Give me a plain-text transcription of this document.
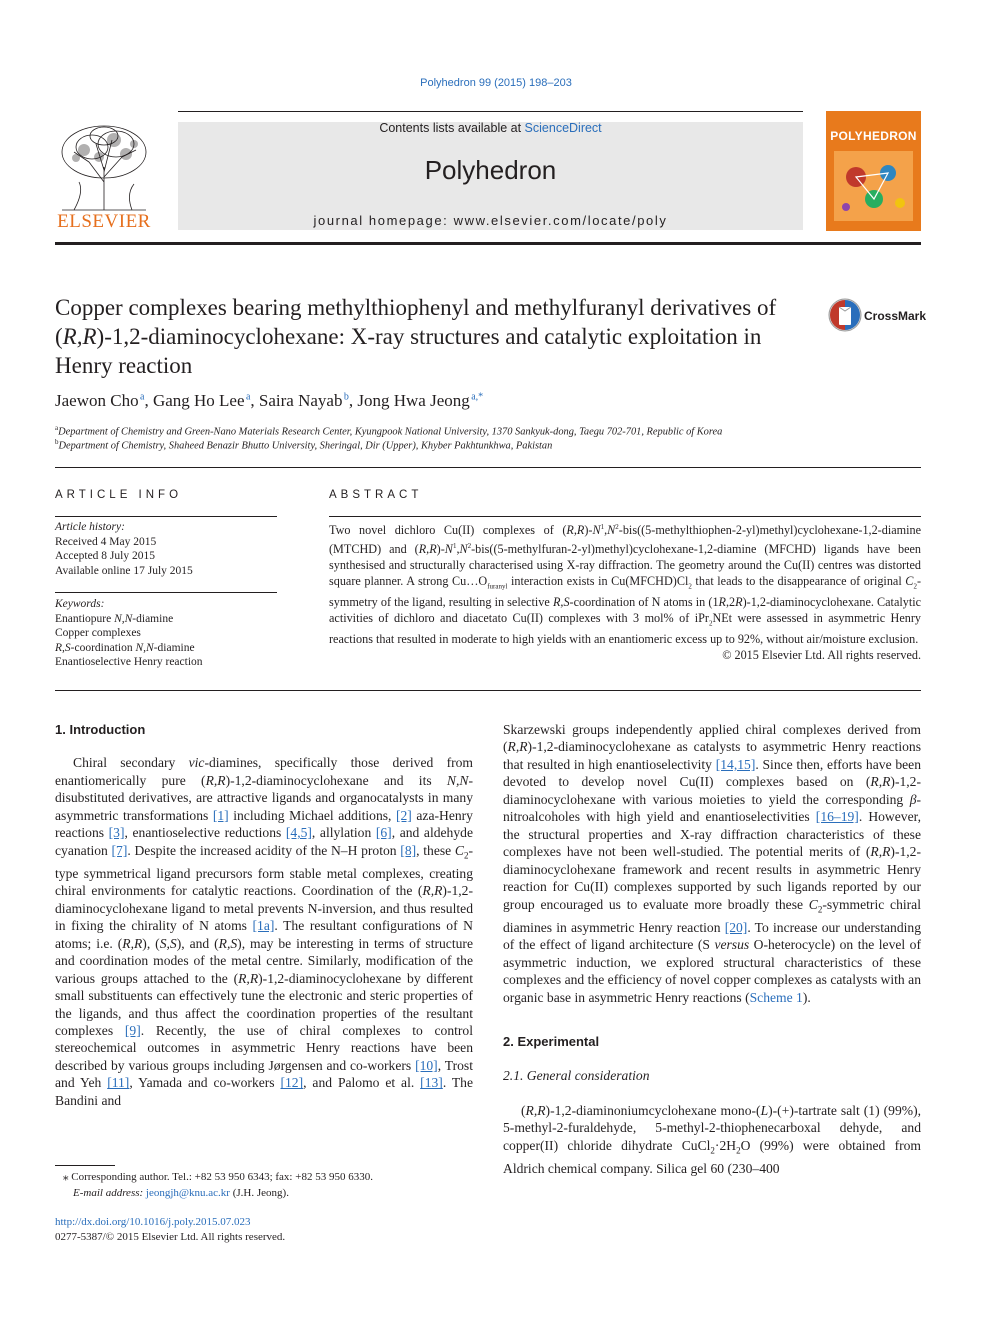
Polyhedron 99 (2015) 198–203
ELSEVIER
Contents lists available at ScienceDirect
Polyhedron
journal homepage: www.elsevier.com/locate/poly
POLYHEDRON
Copper complexes bearing methylthiophenyl and methylfuranyl derivatives of (R,R)-1,2-diaminocyclohexane: X-ray structures and catalytic exploitation in Henry reaction
CrossMark
Jaewon Cho $^a$, Gang Ho Lee $^a$, Saira Nayab $^b$, Jong Hwa Jeong $^{a,*}$
$^a$Department of Chemistry and Green-Nano Materials Research Center, Kyungpook National University, 1370 Sankyuk-dong, Taegu 702-701, Republic of Korea
$^b$Department of Chemistry, Shaheed Benazir Bhutto University, Sheringal, Dir (Upper), Khyber Pakhtunkhwa, Pakistan
ARTICLE INFO
Article history:
Received 4 May 2015
Accepted 8 July 2015
Available online 17 July 2015
Keywords:
Enantiopure N,N-diamine
Copper complexes
R,S-coordination N,N-diamine
Enantioselective Henry reaction
ABSTRACT
Two novel dichloro Cu(II) complexes of $(R,R)-N^1,N^2-bis((5-methylthiophen-2-yl)methyl)cyclohexane-1,2$-diamine (MTCHD) and $(R,R)-N^1,N^2-bis((5-methylfuran-2-yl)methyl)cyclohexane-1,2$-diamine (MFCHD) ligands have been synthesised and structurally characterised using X-ray diffraction. The geometry around the Cu(II) centres was distorted square planner. A strong $Cu\dots O_{furanyl}$ interaction exists in $Cu(MFCHD)Cl_2$ that leads to the disappearance of original $C_2$-symmetry of the ligand, resulting in selective R,S-coordination of N atoms in (1R,2R)-1,2-diaminocyclohexane. Catalytic activities of dichloro and diacetato Cu(II) complexes with 3 mol% of iPr$_2$NEt were assessed in asymmetric Henry reactions that resulted in moderate to high yields with an enantiomeric excess up to 92%, without air/moisture exclusion.
© 2015 Elsevier Ltd. All rights reserved.

1. Introduction

Chiral secondary vic-diamines, specifically those derived from enantiomerically pure (R,R)-1,2-diaminocyclohexane and its N,N-disubstituted derivatives, are attractive ligands and organocatalysts in many asymmetric transformations [1] including Michael additions, [2] aza-Henry reactions [3], enantioselective reductions [4,5], allylation [6], and aldehyde cyanation [7]. Despite the increased acidity of the N–H proton [8], these $C_2$-type symmetrical ligand precursors form stable metal complexes, creating chiral environments for catalytic reactions. Coordination of the (R,R)-1,2-diaminocyclohexane ligand to metal prevents N-inversion, and thus resulted in fixing the chirality of N atoms [1a]. The resultant configurations of N atoms; i.e. (R,R), (S,S), and (R,S), may be interesting in terms of structure and coordination modes of the metal centre. Similarly, modification of the various groups attached to the (R,R)-1,2-diaminocyclohexane by different small substituents can effectively tune the electronic and steric properties of the ligands, and thus affect the coordination properties of the resultant complexes [9]. Recently, the use of chiral complexes to control stereochemical outcomes in asymmetric Henry reactions have been described by various groups including Jørgensen and co-workers [10], Trost and Yeh [11], Yamada and co-workers [12], and Palomo et al. [13]. The Bandini and

⁎ Corresponding author. Tel.: +82 53 950 6343; fax: +82 53 950 6330.
E-mail address: jeongjh@knu.ac.kr (J.H. Jeong).
http://dx.doi.org/10.1016/j.poly.2015.07.023
0277-5387/© 2015 Elsevier Ltd. All rights reserved.

Skarzewski groups independently applied chiral complexes derived from (R,R)-1,2-diaminocyclohexane as catalysts to asymmetric Henry reactions that resulted in high enantioselectivity [14,15]. Since then, efforts have been devoted to develop novel Cu(II) complexes based on (R,R)-1,2-diaminocyclohexane with various moieties to yield the corresponding β-nitroalcoholes with high yield and enantioselectivities [16–19]. However, the structural properties and X-ray diffraction characteristics of these complexes have not been well-studied. The potential merits of (R,R)-1,2-diaminocyclohexane framework and recent results in asymmetric Henry reaction for Cu(II) complexes supported by such ligands reported by our group encouraged us to evaluate more broadly these $C_2$-symmetric chiral diamines in asymmetric Henry reaction [20]. To increase our understanding of the effect of ligand architecture (S versus O-heterocycle) on the level of asymmetric induction, we explored structural characteristics of these complexes and the efficiency of novel copper complexes as catalysts with an organic base in asymmetric Henry reactions (Scheme 1).

2. Experimental

2.1. General consideration

(R,R)-1,2-diaminoniumcyclohexane mono-(L)-(+)-tartrate salt (1) (99%), 5-methyl-2-furaldehyde, 5-methyl-2-thiophenecarboxal dehyde, and copper(II) chloride dihydrate $CuCl_2\cdot 2H_2O$ (99%) were obtained from Aldrich chemical company. Silica gel 60 (230–400
